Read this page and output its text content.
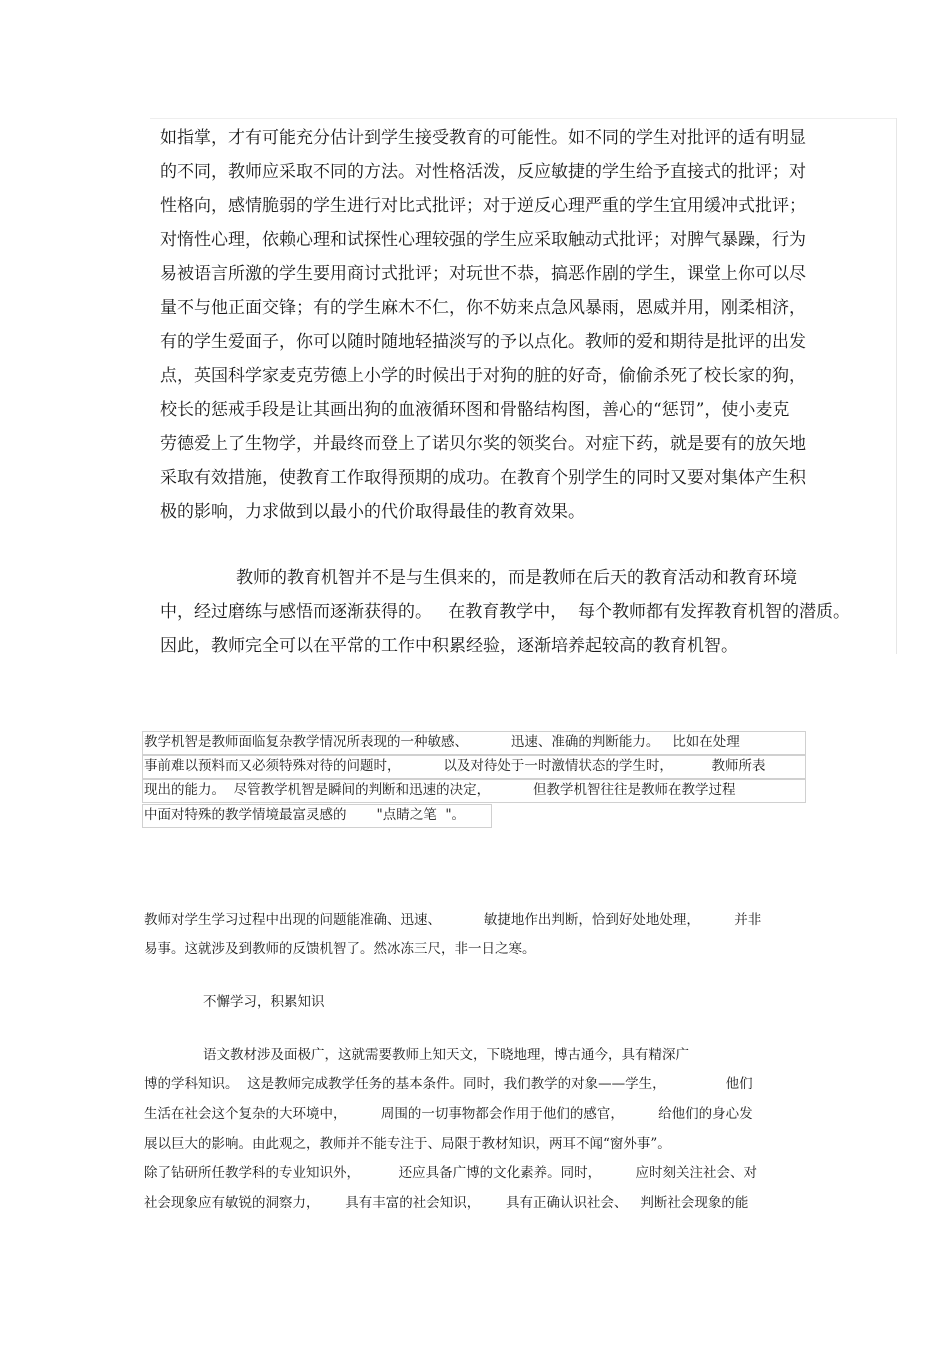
如指掌，才有可能充分估计到学生接受教育的可能性。如不同的学生对批评的适有明显
的不同，教师应采取不同的方法。对性格活泼，反应敏捷的学生给予直接式的批评；对
性格向，感情脆弱的学生进行对比式批评；对于逆反心理严重的学生宜用缓冲式批评；
对惰性心理，依赖心理和试探性心理较强的学生应采取触动式批评；对脾气暴躁，行为
易被语言所激的学生要用商讨式批评；对玩世不恭，搞恶作剧的学生，课堂上你可以尽
量不与他正面交锋；有的学生麻木不仁，你不妨来点急风暴雨，恩威并用，刚柔相济，
有的学生爱面子，你可以随时随地轻描淡写的予以点化。教师的爱和期待是批评的出发
点，英国科学家麦克劳德上小学的时候出于对狗的脏的好奇，偷偷杀死了校长家的狗，
校长的惩戒手段是让其画出狗的血液循环图和骨骼结构图，善心的“惩罚”，使小麦克
劳德爱上了生物学，并最终而登上了诺贝尔奖的领奖台。对症下药，就是要有的放矢地
采取有效措施，使教育工作取得预期的成功。在教育个别学生的同时又要对集体产生积
极的影响，力求做到以最小的代价取得最佳的教育效果。
教师的教育机智并不是与生俱来的，而是教师在后天的教育活动和教育环境
中，经过磨练与感悟而逐渐获得的。   在教育教学中，  每个教师都有发挥教育机智的潜质。
因此，教师完全可以在平常的工作中积累经验，逐渐培养起较高的教育机智。
教学机智是教师面临复杂教学情况所表现的一种敏感、          迅速、准确的判断能力。   比如在处理
事前难以预料而又必须特殊对待的问题时，          以及对待处于一时激情状态的学生时，         教师所表
现出的能力。  尽管教学机智是瞬间的判断和迅速的决定，          但教学机智往往是教师在教学过程
中面对特殊的教学情境最富灵感的       "点睛之笔  "。
教师对学生学习过程中出现的问题能准确、迅速、          敏捷地作出判断，恰到好处地处理，        并非
易事。这就涉及到教师的反馈机智了。然冰冻三尺，非一日之寒。
不懈学习，积累知识
语文教材涉及面极广，这就需要教师上知天文，下晓地理，博古通今，具有精深广
博的学科知识。  这是教师完成教学任务的基本条件。同时，我们教学的对象——学生，              他们
生活在社会这个复杂的大环境中，        周围的一切事物都会作用于他们的感官，        给他们的身心发
展以巨大的影响。由此观之，教师并不能专注于、局限于教材知识，两耳不闻“窗外事”。
除了钻研所任教学科的专业知识外，         还应具备广博的文化素养。同时，        应时刻关注社会、对
社会现象应有敏锐的洞察力，      具有丰富的社会知识，      具有正确认识社会、   判断社会现象的能
